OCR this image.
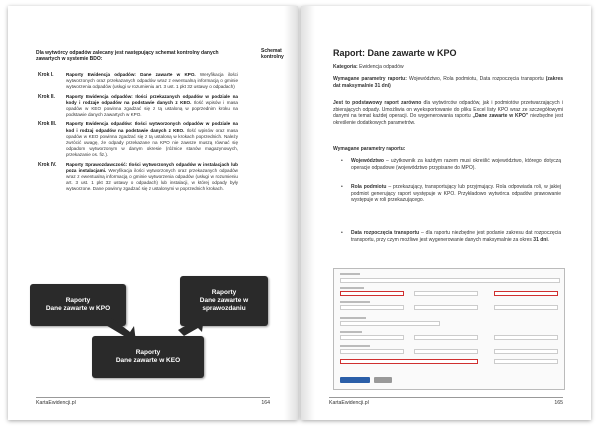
Dla wytwórcy odpadów zalecany jest następujący schemat kontrolny danych zawartych w systemie BDO:
Krok I.	Raporty Ewidencja odpadów: Dane zawarte w KPO. Weryfikacja ilości wytworzonych oraz przekazanych odpadów wraz z ewentualną informacją o gminie wytworzenia odpadów (usługi w rozumieniu art. 3 ust. 1 pkt 32 ustawy o odpadach)
Krok II.	Raporty Ewidencja odpadów: Ilości przekazanych odpadów w podziale na kody i rodzaje odpadów na podstawie danych z KEO. Ilość wpisów i masa opadów w KEO powinna zgadzać się z tą ustaloną w poprzednim kroku na podstawie danych zawartych w KPO.
Krok III.	Raporty Ewidencja odpadów: Ilości wytworzonych odpadów w podziale na kod i rodzaj odpadów na podstawie danych z KEO. Ilość wpisów oraz masa opadów w KEO powinna zgadzać się z tą ustaloną w krokach poprzednich. Należy zwrócić uwagę, że odpady przekazane na KPO nie zawsze muszą równać się odpadom wytworzonym w danym okresie (różnice stanów magazynowych, przekazanie os. fiz.).
Krok IV.	Raporty Sprawozdawczość: Ilości wytworzonych odpadów w instalacjach lub poza instalacjami. Weryfikacja ilości wytworzonych oraz przekazanych odpadów wraz z ewentualną informacją o gminie wytworzenia odpadów (usługi w rozumieniu art. 3 ust. 1 pkt 32 ustawy o odpadach) lub instalacji, w której odpady były wytworzone. Dane powinny zgadzać się z ustalonymi w poprzednich krokach.
Schemat
kontrolny
Raporty
Dane zawarte w KPO
Raporty
Dane zawarte w
sprawozdaniu
Raporty
Dane zawarte w KEO
KartaEwidencji.pl	164
Raport: Dane zawarte w KPO
Kategoria: Ewidencja odpadów
Wymagane parametry raportu: Województwo, Rola podmiotu, Data rozpoczęcia transportu (zakres dat maksymalnie 31 dni)
Jest to podstawowy raport zarówno dla wytwórców odpadów, jak i podmiotów przetwarzających i zbierających odpady. Umożliwia on wyeksportowanie do pliku Excel listy KPO wraz ze szczegółowymi danymi na temat każdej operacji. Do wygenerowania raportu „Dane zawarte w KPO” niezbędne jest określenie dodatkowych parametrów.
Wymagane parametry raportu:
•	Województwo – użytkownik za każdym razem musi określić województwo, którego dotyczą operacje odpadowe (województwo przypisane do MPO).
•	Rola podmiotu – przekazujący, transportujący lub przyjmujący. Rola odpowiada roli, w jakiej podmiot generujący raport występuje w KPO. Przykładowo wytwórca odpadów prawowanie występuje w roli przekazującego.
•	Data rozpoczęcia transportu – dla raportu niezbędne jest podanie zakresu dat rozpoczęcia transportu, przy czym możliwe jest wygenerowanie danych maksymalnie za okres 31 dni.
KartaEwidencji.pl	165
